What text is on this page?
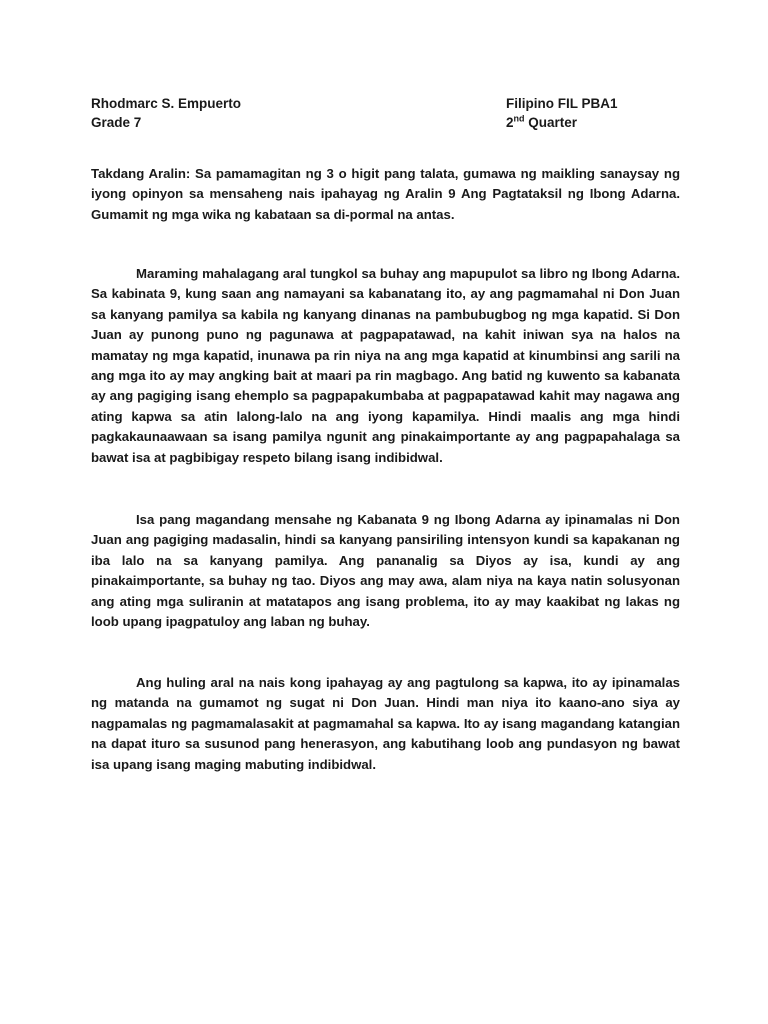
Rhodmarc S. Empuerto	Filipino FIL PBA1
Grade 7	2nd Quarter

Takdang Aralin: Sa pamamagitan ng 3 o higit pang talata, gumawa ng maikling sanaysay ng iyong opinyon sa mensaheng nais ipahayag ng Aralin 9 Ang Pagtataksil ng Ibong Adarna. Gumamit ng mga wika ng kabataan sa di-pormal na antas.

Maraming mahalagang aral tungkol sa buhay ang mapupulot sa libro ng Ibong Adarna. Sa kabinata 9, kung saan ang namayani sa kabanatang ito, ay ang pagmamahal ni Don Juan sa kanyang pamilya sa kabila ng kanyang dinanas na pambubugbog ng mga kapatid. Si Don Juan ay punong puno ng pagunawa at pagpapatawad, na kahit iniwan sya na halos na mamatay ng mga kapatid, inunawa pa rin niya na ang mga kapatid at kinumbinsi ang sarili na ang mga ito ay may angking bait at maari pa rin magbago. Ang batid ng kuwento sa kabanata ay ang pagiging isang ehemplo sa pagpapakumbaba at pagpapatawad kahit may nagawa ang ating kapwa sa atin lalong-lalo na ang iyong kapamilya. Hindi maalis ang mga hindi pagkakaunaawaan sa isang pamilya ngunit ang pinakaimportante ay ang pagpapahalaga sa bawat isa at pagbibigay respeto bilang isang indibidwal.

Isa pang magandang mensahe ng Kabanata 9 ng Ibong Adarna ay ipinamalas ni Don Juan ang pagiging madasalin, hindi sa kanyang pansiriling intensyon kundi sa kapakanan ng iba lalo na sa kanyang pamilya. Ang pananalig sa Diyos ay isa, kundi ay ang pinakaimportante, sa buhay ng tao. Diyos ang may awa, alam niya na kaya natin solusyonan ang ating mga suliranin at matatapos ang isang problema, ito ay may kaakibat ng lakas ng loob upang ipagpatuloy ang laban ng buhay.

Ang huling aral na nais kong ipahayag ay ang pagtulong sa kapwa, ito ay ipinamalas ng matanda na gumamot ng sugat ni Don Juan. Hindi man niya ito kaano-ano siya ay nagpamalas ng pagmamalasakit at pagmamahal sa kapwa. Ito ay isang magandang katangian na dapat ituro sa susunod pang henerasyon, ang kabutihang loob ang pundasyon ng bawat isa upang isang maging mabuting indibidwal.
